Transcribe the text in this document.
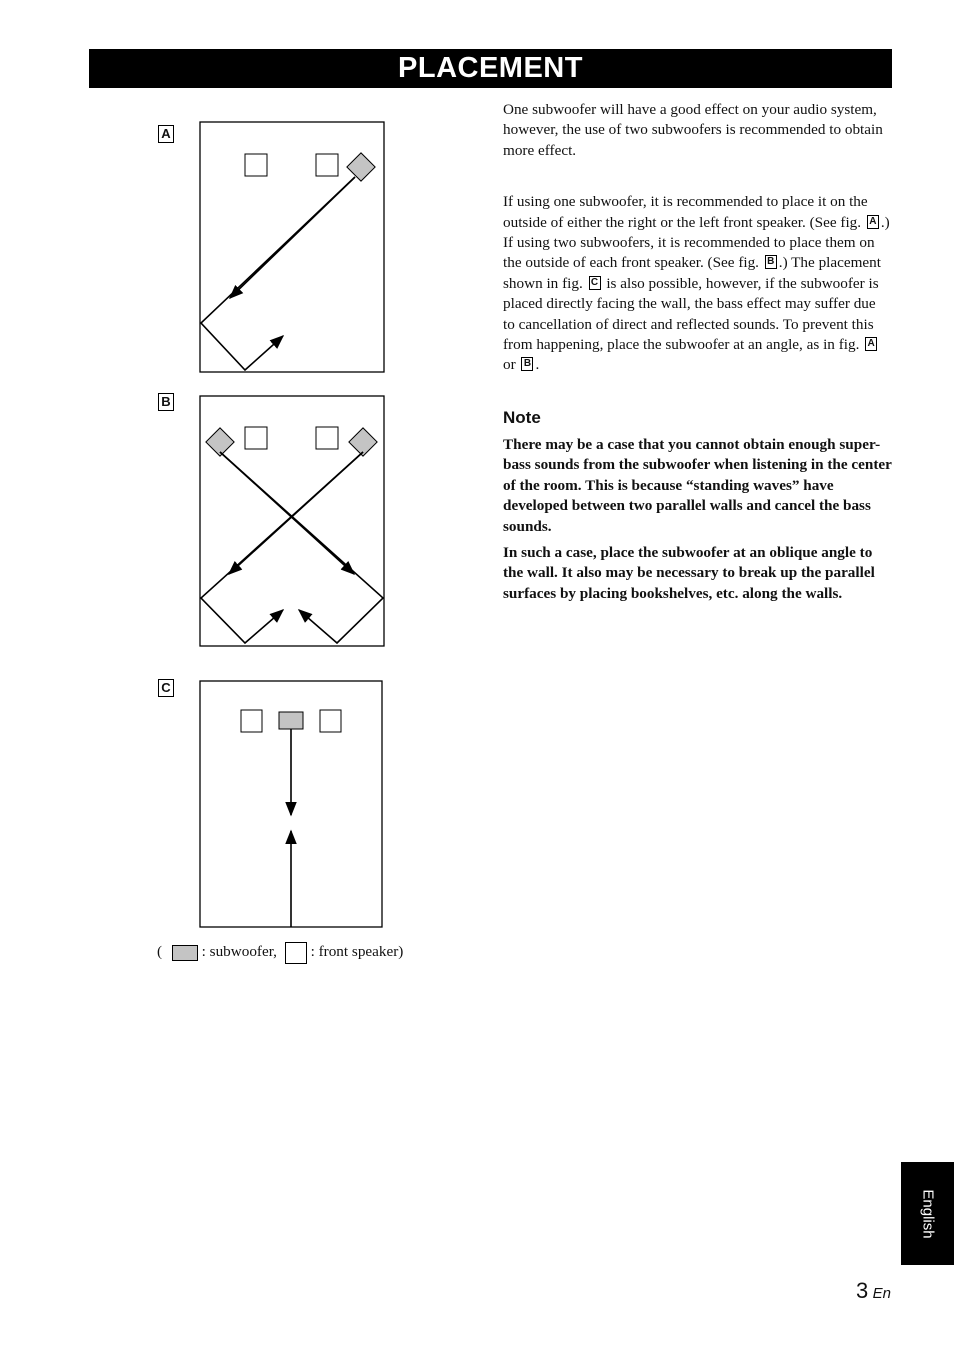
PLACEMENT
A
B
C
(	: subwoofer, : front speaker)

One subwoofer will have a good effect on your audio system, however, the use of two subwoofers is recommended to obtain more effect.

If using one subwoofer, it is recommended to place it on the outside of either the right or the left front speaker. (See fig. A .) If using two subwoofers, it is recommended to place them on the outside of each front speaker. (See fig. B .) The placement shown in fig. C is also possible, however, if the subwoofer is placed directly facing the wall, the bass effect may suffer due to cancellation of direct and reflected sounds. To prevent this from happening, place the subwoofer at an angle, as in fig. A or B .

Note

There may be a case that you cannot obtain enough super-bass sounds from the subwoofer when listening in the center of the room. This is because “standing waves” have developed between two parallel walls and cancel the bass sounds.

In such a case, place the subwoofer at an oblique angle to the wall. It also may be necessary to break up the parallel surfaces by placing bookshelves, etc. along the walls.

English
3 En
